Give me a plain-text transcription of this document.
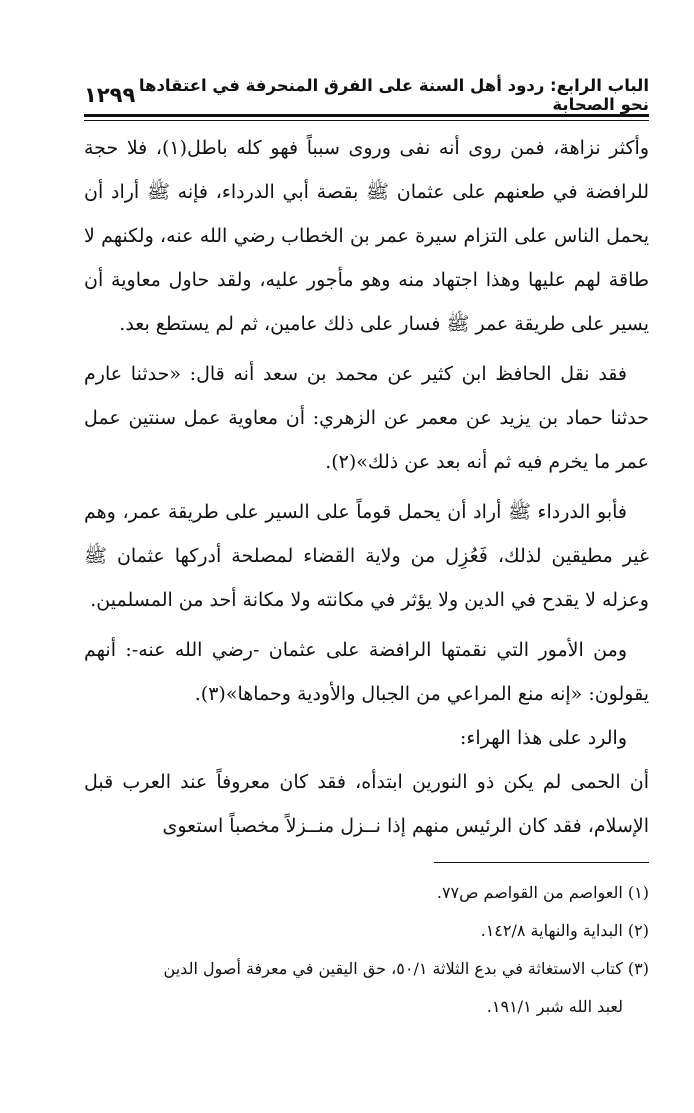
الباب الرابع: ردود أهل السنة على الفرق المنحرفة في اعتقادها نحو الصحابة
١٢٩٩

وأكثر نزاهة، فمن روى أنه نفى وروى سبباً فهو كله باطل(١)، فلا حجة للرافضة في طعنهم على عثمان ﷺ بقصة أبي الدرداء، فإنه ﷺ أراد أن يحمل الناس على التزام سيرة عمر بن الخطاب رضي الله عنه، ولكنهم لا طاقة لهم عليها وهذا اجتهاد منه وهو مأجور عليه، ولقد حاول معاوية أن يسير على طريقة عمر ﷺ فسار على ذلك عامين، ثم لم يستطع بعد.

فقد نقل الحافظ ابن كثير عن محمد بن سعد أنه قال: «حدثنا عارم حدثنا حماد بن يزيد عن معمر عن الزهري: أن معاوية عمل سنتين عمل عمر ما يخرم فيه ثم أنه بعد عن ذلك»(٢).

فأبو الدرداء ﷺ أراد أن يحمل قوماً على السير على طريقة عمر، وهم غير مطيقين لذلك، فَعُزِل من ولاية القضاء لمصلحة أدركها عثمان ﷺ وعزله لا يقدح في الدين ولا يؤثر في مكانته ولا مكانة أحد من المسلمين.

ومن الأمور التي نقمتها الرافضة على عثمان -رضي الله عنه-: أنهم يقولون: «إنه منع المراعي من الجبال والأودية وحماها»(٣).

والرد على هذا الهراء:

أن الحمى لم يكن ذو النورين ابتدأه، فقد كان معروفاً عند العرب قبل الإسلام، فقد كان الرئيس منهم إذا نــزل منــزلاً مخصباً استعوى

(١) العواصم من القواصم ص٧٧.
(٢) البداية والنهاية ١٤٢/٨.
(٣) كتاب الاستغاثة في بدع الثلاثة ٥٠/١، حق اليقين في معرفة أصول الدين
لعبد الله شبر ١٩١/١.
